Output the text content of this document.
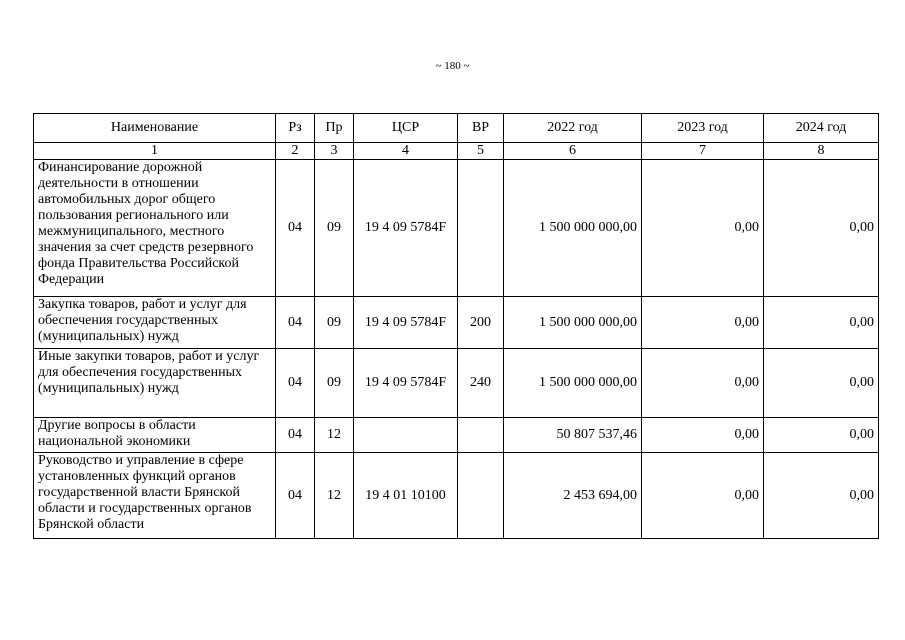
~ 180 ~
Наименование	Рз	Пр	ЦСР	ВР	2022 год	2023 год	2024 год
1	2	3	4	5	6	7	8
Финансирование дорожной деятельности в отношении автомобильных дорог общего пользования регионального или межмуниципального, местного значения за счет средств резервного фонда Правительства Российской Федерации	04	09	19 4 09 5784F		1 500 000 000,00	0,00	0,00
Закупка товаров, работ и услуг для обеспечения государственных (муниципальных) нужд	04	09	19 4 09 5784F	200	1 500 000 000,00	0,00	0,00
Иные закупки товаров, работ и услуг для обеспечения государственных (муниципальных) нужд	04	09	19 4 09 5784F	240	1 500 000 000,00	0,00	0,00
Другие вопросы в области национальной экономики	04	12			50 807 537,46	0,00	0,00
Руководство и управление в сфере установленных функций органов государственной власти Брянской области и государственных органов Брянской области	04	12	19 4 01 10100		2 453 694,00	0,00	0,00
